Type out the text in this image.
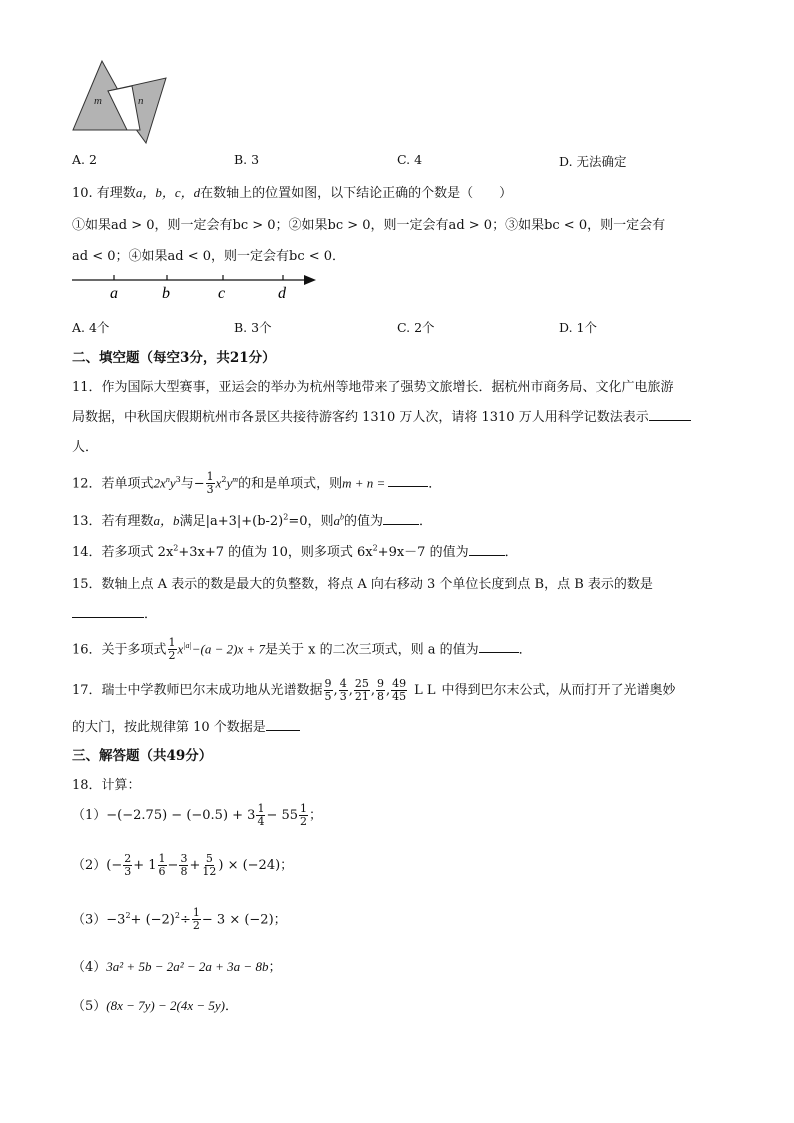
m	n
A. 2	B. 3	C. 4	D. 无法确定
10. 有理数a，b，c，d在数轴上的位置如图，以下结论正确的个数是（　　）
①如果ad > 0，则一定会有bc > 0；②如果bc > 0，则一定会有ad > 0；③如果bc < 0，则一定会有
ad < 0；④如果ad < 0，则一定会有bc < 0．
a	b	c	d
A. 4个	B. 3个	C. 2个	D. 1个
二、填空题（每空3分，共21分）
11．作为国际大型赛事，亚运会的举办为杭州等地带来了强势文旅增长．据杭州市商务局、文化广电旅游
局数据，中秋国庆假期杭州市各景区共接待游客约 1310 万人次，请将 1310 万人用科学记数法表示
人．
12．若单项式$2x^ny^3$与− $\frac{1}{3} x^2y^m$的和是单项式，则m + n =	．
13．若有理数a，b满足$|a+3|+(b-2)^2=0$，则$a^b$的值为	．
14．若多项式 $2x^2+3x+7$ 的值为 10，则多项式 $6x^2+9x-7$ 的值为	．
15．数轴上点 A 表示的数是最大的负整数，将点 A 向右移动 3 个单位长度到点 B，点 B 表示的数是
．
16．关于多项式 $\frac{1}{2} x^{|a|}-(a - 2)x + 7$是关于 x 的二次三项式，则 a 的值为	．
17．瑞士中学教师巴尔末成功地从光谱数据 $\frac{9}{5}$ , $\frac{4}{3}$ , $\frac{25}{21}$ , $\frac{9}{8}$ , $\frac{49}{45}$ L L 中得到巴尔末公式，从而打开了光谱奥妙
的大门，按此规律第 10 个数据是
三、解答题（共49分）
18．计算：
$(1)-(-2.75) - (-0.5) + 3 \frac{1}{4} - 55 \frac{1}{2}$ ；
$(2)(- \frac{2}{3} + 1 \frac{1}{6} - \frac{3}{8} + \frac{5}{12}$ ) × (−24)；
$(3)-3^2+ (-2)^2\div \frac{1}{2} - 3 \times (-2)$；
（4）3a² + 5b − 2a² − 2a + 3a − 8b；
（5）(8x − 7y) − 2(4x − 5y)．
